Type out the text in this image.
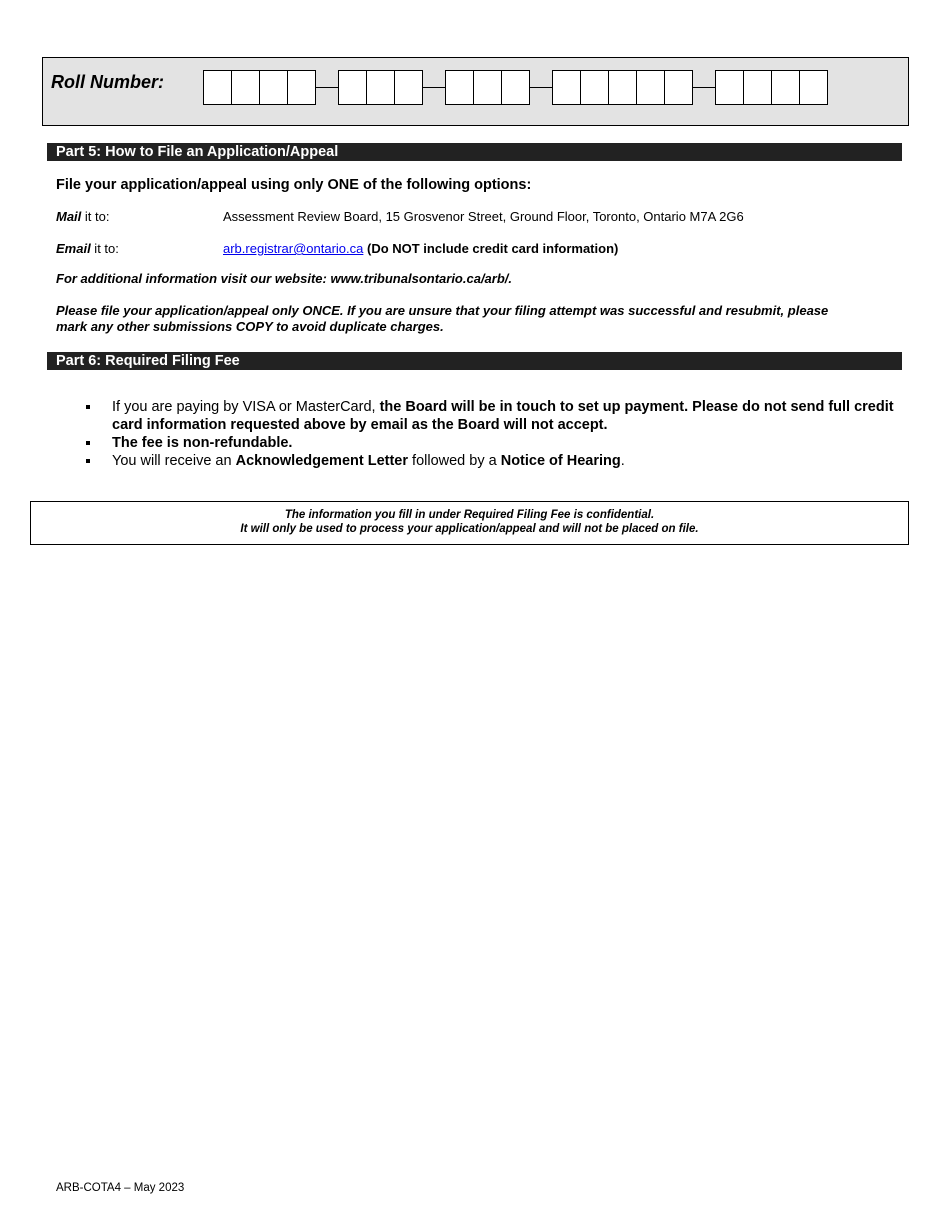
Roll Number:
Part 5: How to File an Application/Appeal
File your application/appeal using only ONE of the following options:
Mail it to:	Assessment Review Board, 15 Grosvenor Street, Ground Floor, Toronto, Ontario M7A 2G6
Email it to:	arb.registrar@ontario.ca (Do NOT include credit card information)
For additional information visit our website: www.tribunalsontario.ca/arb/.
Please file your application/appeal only ONCE. If you are unsure that your filing attempt was successful and resubmit, please
mark any other submissions COPY to avoid duplicate charges.
Part 6: Required Filing Fee
If you are paying by VISA or MasterCard, the Board will be in touch to set up payment. Please do not send full credit card information requested above by email as the Board will not accept.
The fee is non-refundable.
You will receive an Acknowledgement Letter followed by a Notice of Hearing.
The information you fill in under Required Filing Fee is confidential.
It will only be used to process your application/appeal and will not be placed on file.
ARB-COTA4 – May 2023
